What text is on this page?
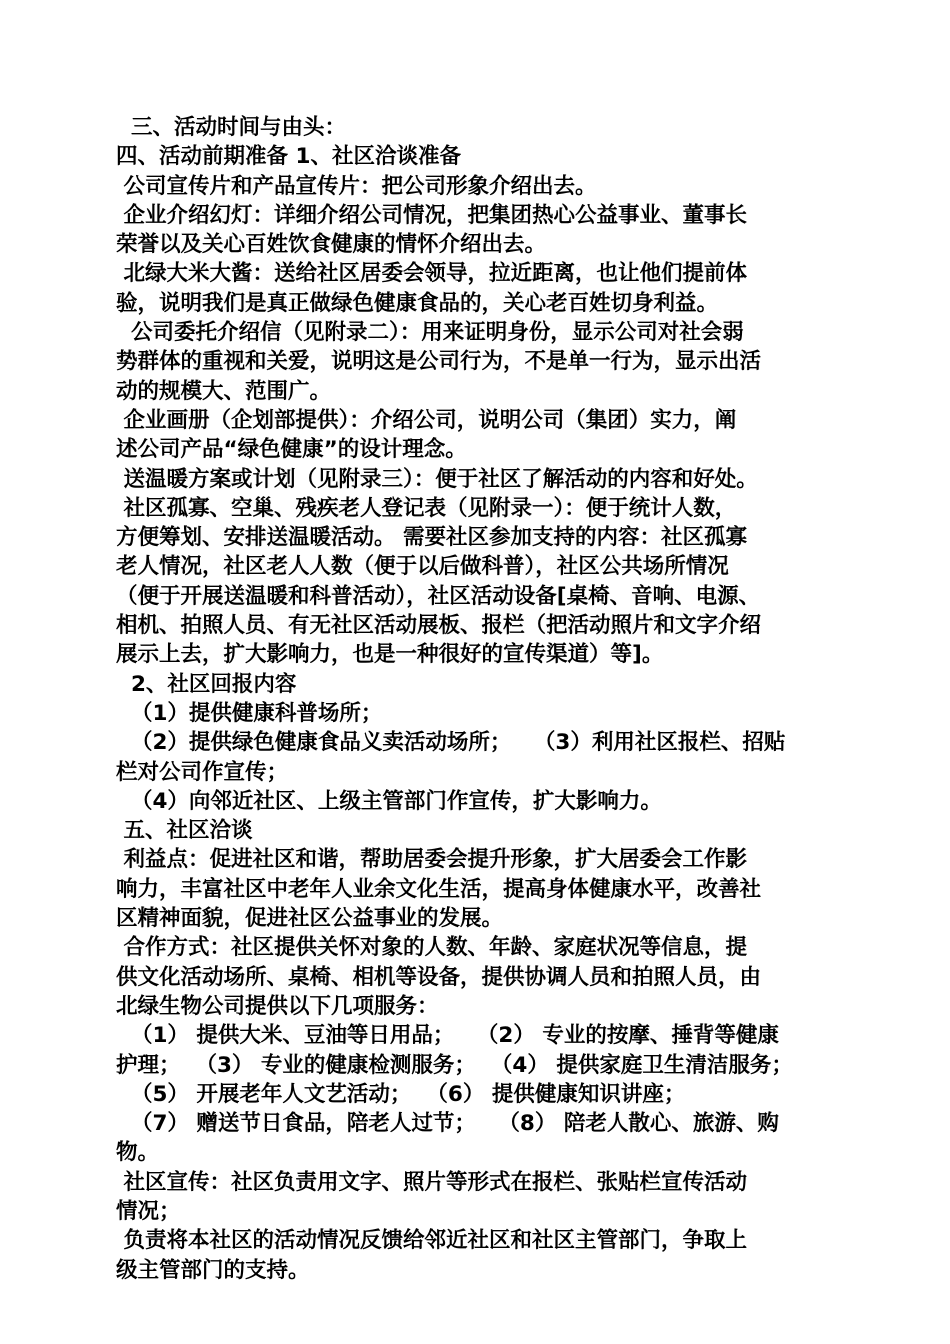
三、活动时间与由头：
四、活动前期准备 1、社区洽谈准备
公司宣传片和产品宣传片：把公司形象介绍出去。
企业介绍幻灯：详细介绍公司情况，把集团热心公益事业、董事长
荣誉以及关心百姓饮食健康的情怀介绍出去。
北绿大米大酱：送给社区居委会领导，拉近距离，也让他们提前体
验，说明我们是真正做绿色健康食品的，关心老百姓切身利益。
公司委托介绍信（见附录二）：用来证明身份，显示公司对社会弱
势群体的重视和关爱，说明这是公司行为，不是单一行为，显示出活
动的规模大、范围广。
企业画册（企划部提供）：介绍公司，说明公司（集团）实力，阐
述公司产品“绿色健康”的设计理念。
送温暖方案或计划（见附录三）：便于社区了解活动的内容和好处。
社区孤寡、空巢、残疾老人登记表（见附录一）：便于统计人数，
方便筹划、安排送温暖活动。 需要社区参加支持的内容：社区孤寡
老人情况，社区老人人数（便于以后做科普），社区公共场所情况
（便于开展送温暖和科普活动），社区活动设备[桌椅、音响、电源、
相机、拍照人员、有无社区活动展板、报栏（把活动照片和文字介绍
展示上去，扩大影响力，也是一种很好的宣传渠道）等]。
2、社区回报内容
（1）提供健康科普场所；
（2）提供绿色健康食品义卖活动场所；   （3）利用社区报栏、招贴
栏对公司作宣传；
（4）向邻近社区、上级主管部门作宣传，扩大影响力。
五、社区洽谈
利益点：促进社区和谐，帮助居委会提升形象，扩大居委会工作影
响力，丰富社区中老年人业余文化生活，提高身体健康水平，改善社
区精神面貌，促进社区公益事业的发展。
合作方式：社区提供关怀对象的人数、年龄、家庭状况等信息，提
供文化活动场所、桌椅、相机等设备，提供协调人员和拍照人员，由
北绿生物公司提供以下几项服务：
（1） 提供大米、豆油等日用品；   （2） 专业的按摩、捶背等健康
护理；  （3） 专业的健康检测服务；  （4） 提供家庭卫生清洁服务；
（5） 开展老年人文艺活动；  （6） 提供健康知识讲座；
（7） 赠送节日食品，陪老人过节；   （8） 陪老人散心、旅游、购
物。
社区宣传：社区负责用文字、照片等形式在报栏、张贴栏宣传活动
情况；
负责将本社区的活动情况反馈给邻近社区和社区主管部门，争取上
级主管部门的支持。
